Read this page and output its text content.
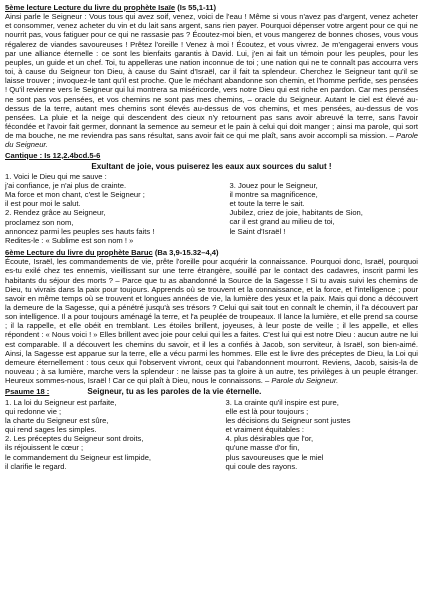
5ème lecture Lecture du livre du prophète Isaïe (Is 55,1-11)

Ainsi parle le Seigneur : Vous tous qui avez soif, venez, voici de l'eau ! Même si vous n'avez pas d'argent, venez acheter et consommer, venez acheter du vin et du lait sans argent, sans rien payer. Pourquoi dépenser votre argent pour ce qui ne nourrit pas, vous fatiguer pour ce qui ne rassasie pas ? Écoutez-moi bien, et vous mangerez de bonnes choses, vous vous régalerez de viandes savoureuses ! Prêtez l'oreille ! Venez à moi ! Écoutez, et vous vivrez. Je m'engagerai envers vous par une alliance éternelle : ce sont les bienfaits garantis à David. Lui, j'en ai fait un témoin pour les peuples, pour les peuples, un guide et un chef. Toi, tu appelleras une nation inconnue de toi ; une nation qui ne te connaît pas accourra vers toi, à cause du Seigneur ton Dieu, à cause du Saint d'Israël, car il fait ta splendeur. Cherchez le Seigneur tant qu'il se laisse trouver ; invoquez-le tant qu'il est proche. Que le méchant abandonne son chemin, et l'homme perfide, ses pensées ! Qu'il revienne vers le Seigneur qui lui montrera sa miséricorde, vers notre Dieu qui est riche en pardon. Car mes pensées ne sont pas vos pensées, et vos chemins ne sont pas mes chemins, – oracle du Seigneur. Autant le ciel est élevé au-dessus de la terre, autant mes chemins sont élevés au-dessus de vos chemins, et mes pensées, au-dessus de vos pensées. La pluie et la neige qui descendent des cieux n'y retournent pas sans avoir abreuvé la terre, sans l'avoir fécondée et l'avoir fait germer, donnant la semence au semeur et le pain à celui qui doit manger ; ainsi ma parole, qui sort de ma bouche, ne me reviendra pas sans résultat, sans avoir fait ce qui me plaît, sans avoir accompli sa mission. – Parole du Seigneur.

Cantique : Is 12,2.4bcd.5-6

Exultant de joie, vous puiserez les eaux aux sources du salut !

1. Voici le Dieu qui me sauve :

j'ai confiance, je n'ai plus de crainte.

Ma force et mon chant, c'est le Seigneur ;

il est pour moi le salut.

2. Rendez grâce au Seigneur,

proclamez son nom,

annoncez parmi les peuples ses hauts faits !

Redites-le : « Sublime est son nom ! »

3. Jouez pour le Seigneur,

il montre sa magnificence,

et toute la terre le sait.

Jubilez, criez de joie, habitants de Sion,

car il est grand au milieu de toi,

le Saint d'Israël !

6ème Lecture du livre du prophète Baruc (Ba 3,9-15.32–4,4)

Écoute, Israël, les commandements de vie, prête l'oreille pour acquérir la connaissance. Pourquoi donc, Israël, pourquoi es-tu exilé chez tes ennemis, vieillissant sur une terre étrangère, souillé par le contact des cadavres, inscrit parmi les habitants du séjour des morts ? – Parce que tu as abandonné la Source de la Sagesse ! Si tu avais suivi les chemins de Dieu, tu vivrais dans la paix pour toujours. Apprends où se trouvent et la connaissance, et la force, et l'intelligence ; pour savoir en même temps où se trouvent et longues années de vie, la lumière des yeux et la paix. Mais qui donc a découvert la demeure de la Sagesse, qui a pénétré jusqu'à ses trésors ? Celui qui sait tout en connaît le chemin, il l'a découvert par son intelligence. Il a pour toujours aménagé la terre, et l'a peuplée de troupeaux. Il lance la lumière, et elle prend sa course ; il la rappelle, et elle obéit en tremblant. Les étoiles brillent, joyeuses, à leur poste de veille ; il les appelle, et elles répondent : « Nous voici ! » Elles brillent avec joie pour celui qui les a faites. C'est lui qui est notre Dieu : aucun autre ne lui est comparable. Il a découvert les chemins du savoir, et il les a confiés à Jacob, son serviteur, à Israël, son bien-aimé. Ainsi, la Sagesse est apparue sur la terre, elle a vécu parmi les hommes. Elle est le livre des préceptes de Dieu, la Loi qui demeure éternellement : tous ceux qui l'observent vivront, ceux qui l'abandonnent mourront. Reviens, Jacob, saisis-la de nouveau ; à sa lumière, marche vers la splendeur : ne laisse pas ta gloire à un autre, tes privilèges à un peuple étranger. Heureux sommes-nous, Israël ! Car ce qui plaît à Dieu, nous le connaissons. – Parole du Seigneur.

Psaume 18 :	Seigneur, tu as les paroles de la vie éternelle.

1. La loi du Seigneur est parfaite,

qui redonne vie ;

la charte du Seigneur est sûre,

qui rend sages les simples.

2. Les préceptes du Seigneur sont droits,

ils réjouissent le cœur ;

le commandement du Seigneur est limpide,

il clarifie le regard.

3. La crainte qu'il inspire est pure,

elle est là pour toujours ;

les décisions du Seigneur sont justes

et vraiment équitables :

4. plus désirables que l'or,

qu'une masse d'or fin,

plus savoureuses que le miel

qui coule des rayons.
